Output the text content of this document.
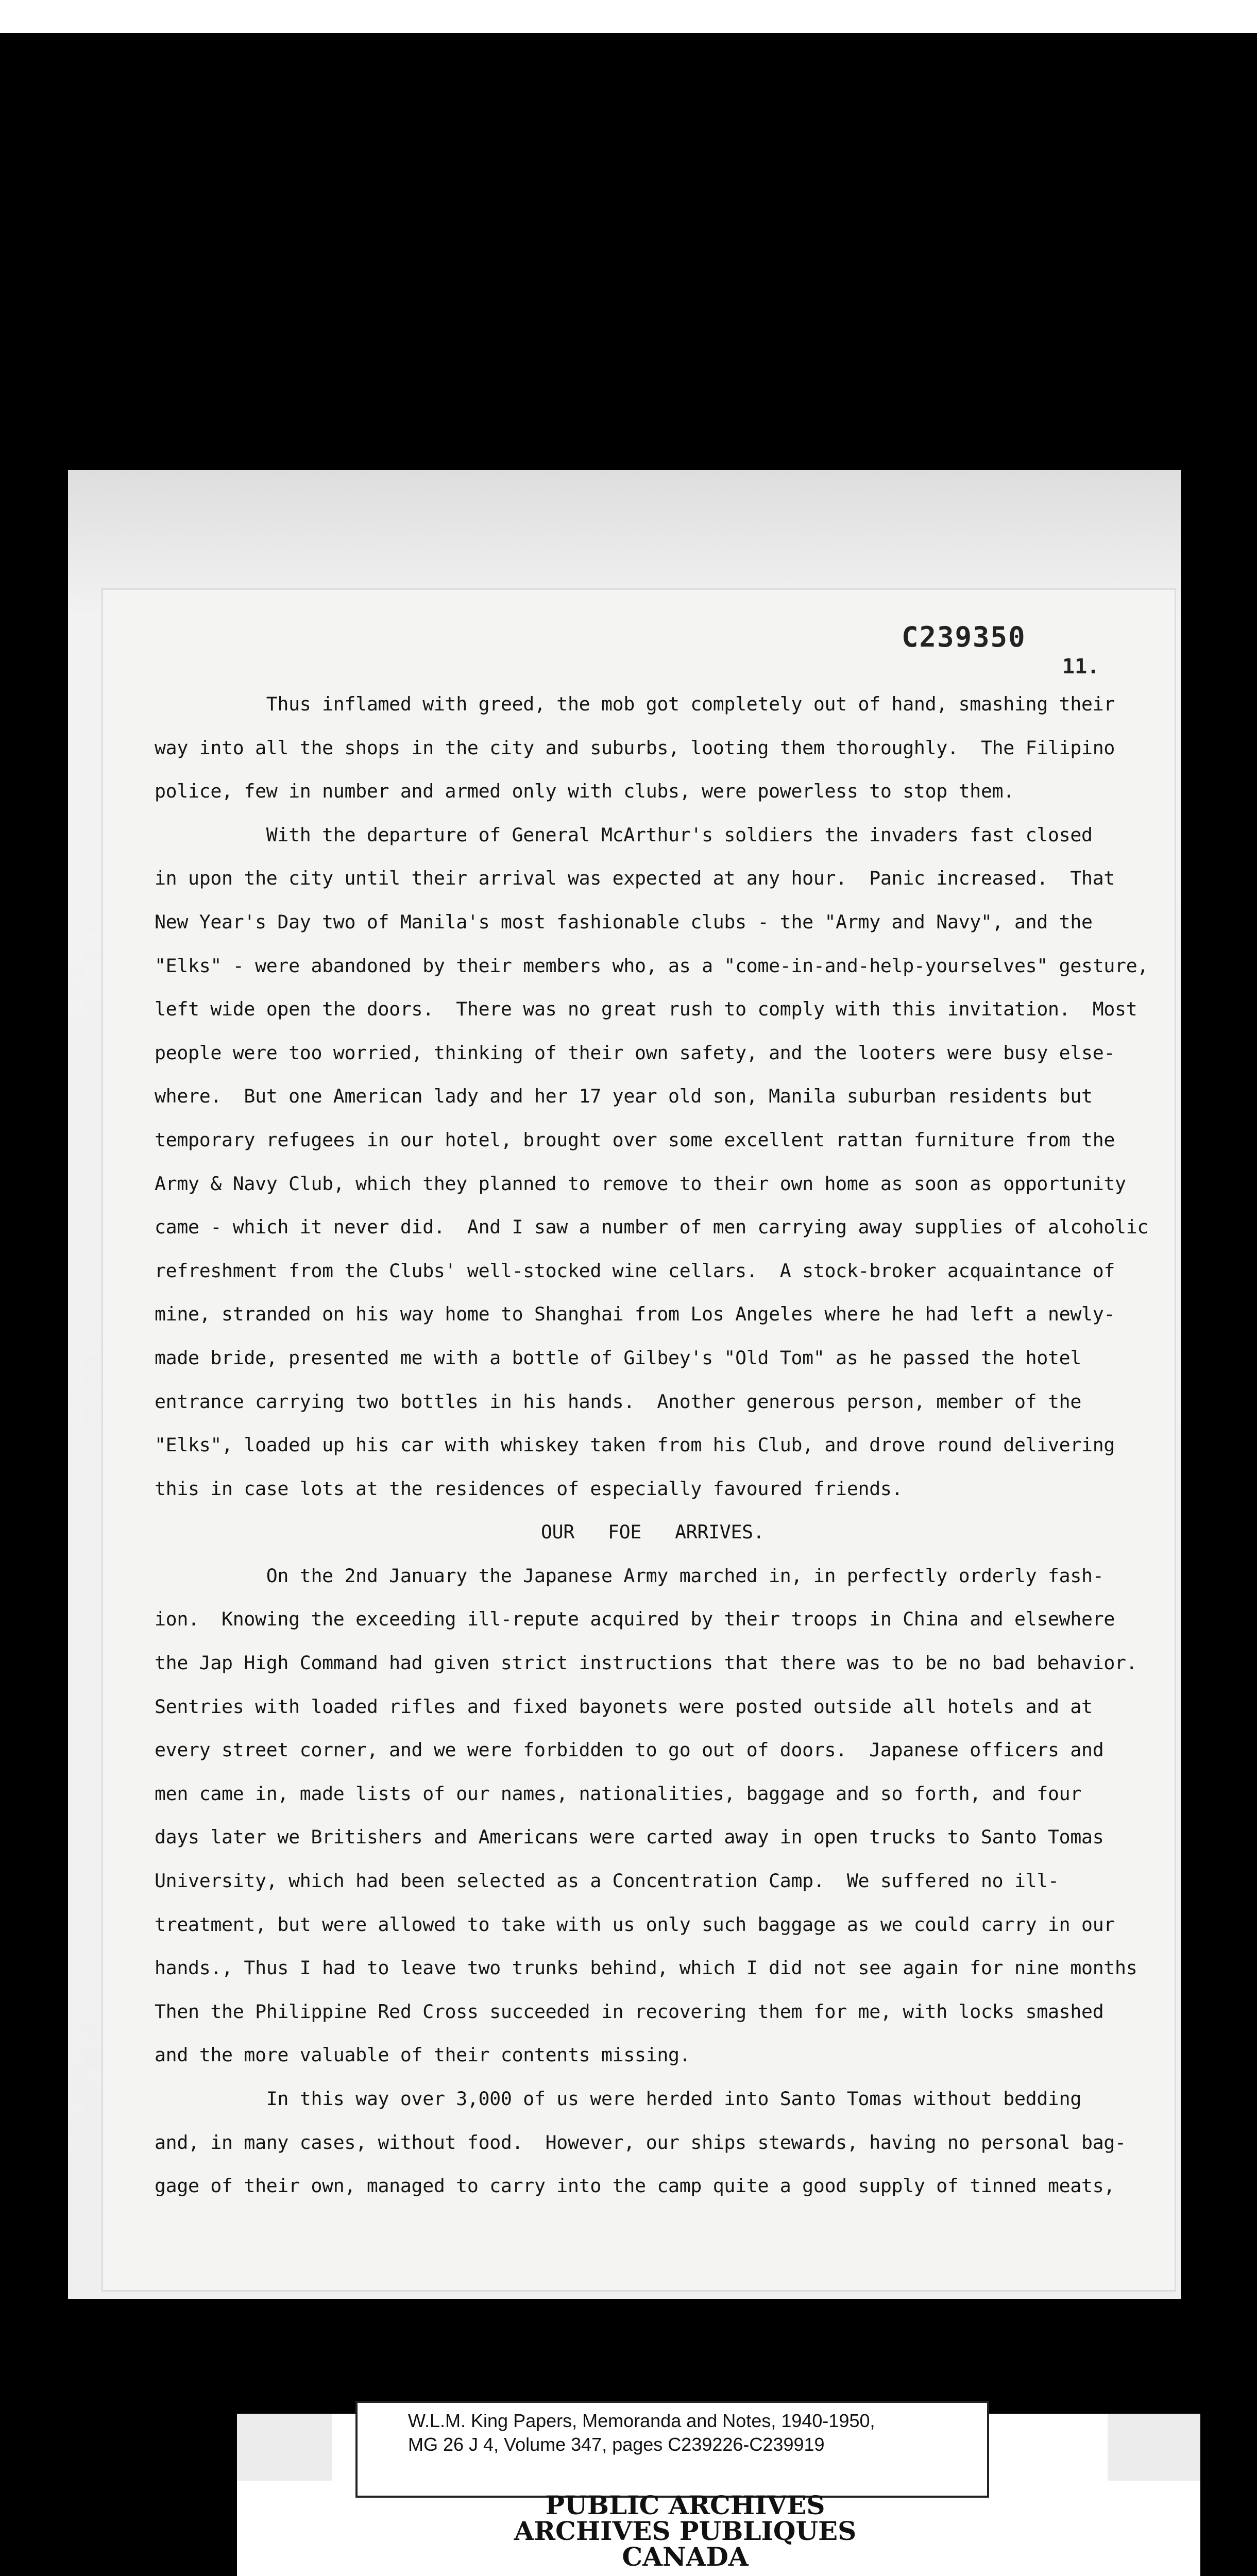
C239350
11.
Thus inflamed with greed, the mob got completely out of hand, smashing their
way into all the shops in the city and suburbs, looting them thoroughly.  The Filipino
police, few in number and armed only with clubs, were powerless to stop them.
With the departure of General McArthur's soldiers the invaders fast closed
in upon the city until their arrival was expected at any hour.  Panic increased.  That
New Year's Day two of Manila's most fashionable clubs - the "Army and Navy", and the
"Elks" - were abandoned by their members who, as a "come-in-and-help-yourselves" gesture,
left wide open the doors.  There was no great rush to comply with this invitation.  Most
people were too worried, thinking of their own safety, and the looters were busy else-
where.  But one American lady and her 17 year old son, Manila suburban residents but
temporary refugees in our hotel, brought over some excellent rattan furniture from the
Army & Navy Club, which they planned to remove to their own home as soon as opportunity
came - which it never did.  And I saw a number of men carrying away supplies of alcoholic
refreshment from the Clubs' well-stocked wine cellars.  A stock-broker acquaintance of
mine, stranded on his way home to Shanghai from Los Angeles where he had left a newly-
made bride, presented me with a bottle of Gilbey's "Old Tom" as he passed the hotel
entrance carrying two bottles in his hands.  Another generous person, member of the
"Elks", loaded up his car with whiskey taken from his Club, and drove round delivering
this in case lots at the residences of especially favoured friends.
OUR   FOE   ARRIVES.
On the 2nd January the Japanese Army marched in, in perfectly orderly fash-
ion.  Knowing the exceeding ill-repute acquired by their troops in China and elsewhere
the Jap High Command had given strict instructions that there was to be no bad behavior.
Sentries with loaded rifles and fixed bayonets were posted outside all hotels and at
every street corner, and we were forbidden to go out of doors.  Japanese officers and
men came in, made lists of our names, nationalities, baggage and so forth, and four
days later we Britishers and Americans were carted away in open trucks to Santo Tomas
University, which had been selected as a Concentration Camp.  We suffered no ill-
treatment, but were allowed to take with us only such baggage as we could carry in our
hands., Thus I had to leave two trunks behind, which I did not see again for nine months
Then the Philippine Red Cross succeeded in recovering them for me, with locks smashed
and the more valuable of their contents missing.
In this way over 3,000 of us were herded into Santo Tomas without bedding
and, in many cases, without food.  However, our ships stewards, having no personal bag-
gage of their own, managed to carry into the camp quite a good supply of tinned meats,
W.L.M. King Papers, Memoranda and Notes, 1940-1950,
MG 26 J 4, Volume 347, pages C239226-C239919
PUBLIC ARCHIVES
ARCHIVES PUBLIQUES
CANADA
